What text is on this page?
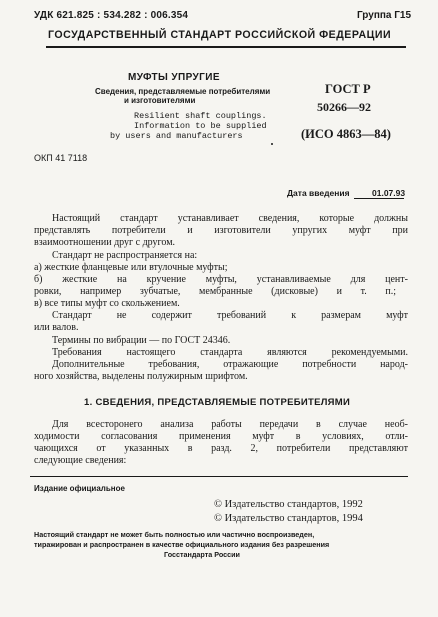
УДК 621.825 : 534.282 : 006.354	Группа Г15
ГОСУДАРСТВЕННЫЙ СТАНДАРТ РОССИЙСКОЙ ФЕДЕРАЦИИ
МУФТЫ УПРУГИЕ
Сведения, представляемые потребителями
и изготовителями
Resilient shaft couplings.
Information to be supplied
by users and manufacturers
ГОСТ Р
50266—92
(ИСО 4863—84)
ОКП 41 7118
Дата введения	01.07.93
Настоящий стандарт устанавливает сведения, которые должны
представлять потребители и изготовители упругих муфт при
взаимоотношении друг с другом.
Стандарт не распространяется на:
а) жесткие фланцевые или втулочные муфты;
б) жесткие на кручение муфты, устанавливаемые для цент-
ровки, например зубчатые, мембранные (дисковые) и т. п.;
в) все типы муфт со скольжением.
Стандарт не содержит требований к размерам муфт
или валов.
Термины по вибрации — по ГОСТ 24346.
Требования настоящего стандарта являются рекомендуемыми.
Дополнительные требования, отражающие потребности народ-
ного хозяйства, выделены полужирным шрифтом.
1. СВЕДЕНИЯ, ПРЕДСТАВЛЯЕМЫЕ ПОТРЕБИТЕЛЯМИ
Для всесторонего анализа работы передачи в случае необ-
ходимости согласования применения муфт в условиях, отли-
чающихся от указанных в разд. 2, потребители представляют
следующие сведения:
Издание официальное
© Издательство стандартов, 1992
© Издательство стандартов, 1994
Настоящий стандарт не может быть полностью или частично воспроизведен,
тиражирован и распространен в качестве официального издания без разрешения
Госстандарта России
